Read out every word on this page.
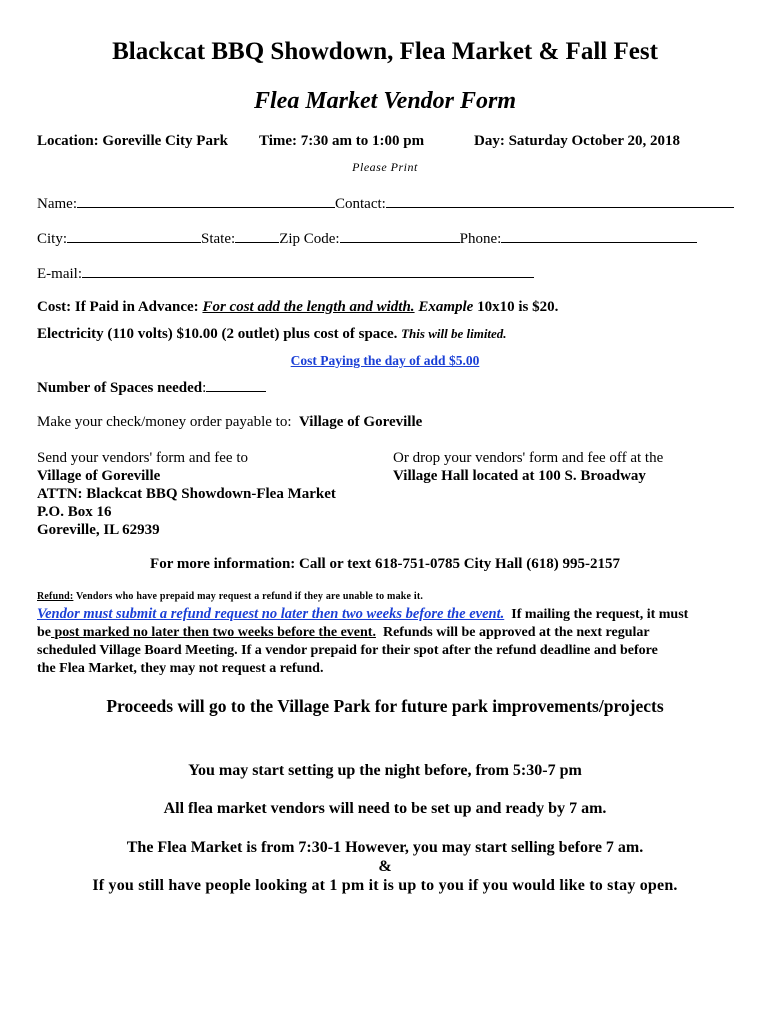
Blackcat BBQ Showdown, Flea Market & Fall Fest
Flea Market Vendor Form
Location: Goreville City Park Time: 7:30 am to 1:00 pm	Day: Saturday October 20, 2018
Please Print
Name:	Contact:
City:	State:	Zip Code:	Phone:
E-mail:
Cost: If Paid in Advance: For cost add the length and width. Example 10x10 is $20.
Electricity (110 volts) $10.00 (2 outlet) plus cost of space. This will be limited.
Cost Paying the day of add $5.00
Number of Spaces needed:
Make your check/money order payable to: Village of Goreville
Send your vendors' form and fee to
Village of Goreville
ATTN: Blackcat BBQ Showdown-Flea Market
P.O. Box 16
Goreville, IL 62939
Or drop your vendors' form and fee off at the
Village Hall located at 100 S. Broadway
For more information: Call or text 618-751-0785 City Hall (618) 995-2157
Refund: Vendors who have prepaid may request a refund if they are unable to make it.
Vendor must submit a refund request no later then two weeks before the event. If mailing the request, it must
be post marked no later then two weeks before the event. Refunds will be approved at the next regular
scheduled Village Board Meeting. If a vendor prepaid for their spot after the refund deadline and before
the Flea Market, they may not request a refund.
Proceeds will go to the Village Park for future park improvements/projects
You may start setting up the night before, from 5:30-7 pm
All flea market vendors will need to be set up and ready by 7 am.
The Flea Market is from 7:30-1 However, you may start selling before 7 am.
&
If you still have people looking at 1 pm it is up to you if you would like to stay open.
